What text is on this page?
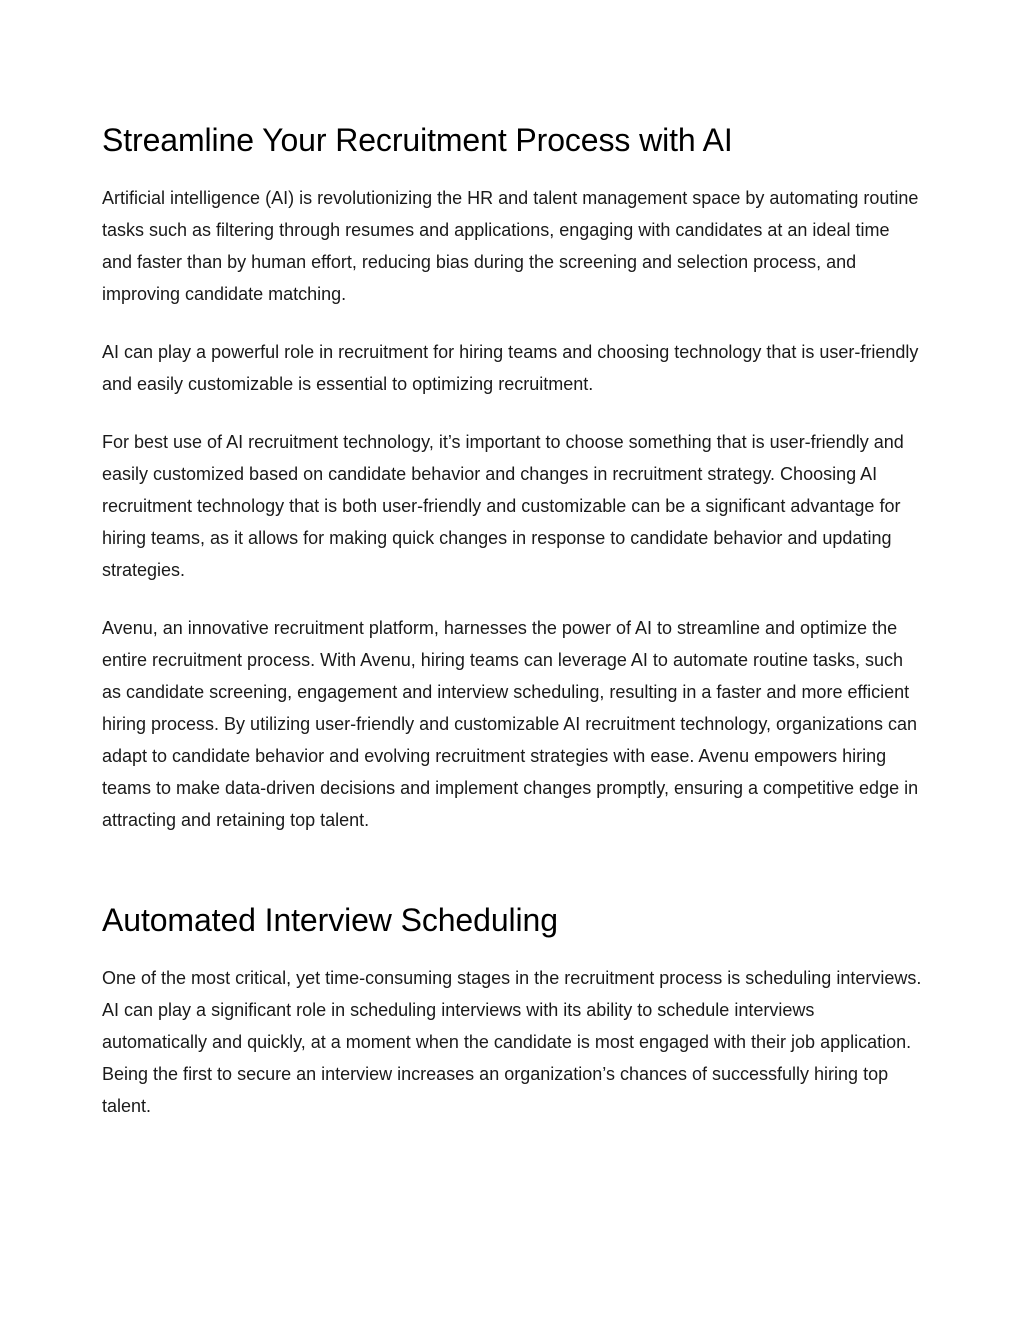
Streamline Your Recruitment Process with AI

Artificial intelligence (AI) is revolutionizing the HR and talent management space by automating routine tasks such as filtering through resumes and applications, engaging with candidates at an ideal time and faster than by human effort, reducing bias during the screening and selection process, and improving candidate matching.

AI can play a powerful role in recruitment for hiring teams and choosing technology that is user-friendly and easily customizable is essential to optimizing recruitment.

For best use of AI recruitment technology, it’s important to choose something that is user-friendly and easily customized based on candidate behavior and changes in recruitment strategy. Choosing AI recruitment technology that is both user-friendly and customizable can be a significant advantage for hiring teams, as it allows for making quick changes in response to candidate behavior and updating strategies.

Avenu, an innovative recruitment platform, harnesses the power of AI to streamline and optimize the entire recruitment process. With Avenu, hiring teams can leverage AI to automate routine tasks, such as candidate screening, engagement and interview scheduling, resulting in a faster and more efficient hiring process. By utilizing user-friendly and customizable AI recruitment technology, organizations can adapt to candidate behavior and evolving recruitment strategies with ease. Avenu empowers hiring teams to make data-driven decisions and implement changes promptly, ensuring a competitive edge in attracting and retaining top talent.

Automated Interview Scheduling

One of the most critical, yet time-consuming stages in the recruitment process is scheduling interviews. AI can play a significant role in scheduling interviews with its ability to schedule interviews automatically and quickly, at a moment when the candidate is most engaged with their job application. Being the first to secure an interview increases an organization’s chances of successfully hiring top talent.
